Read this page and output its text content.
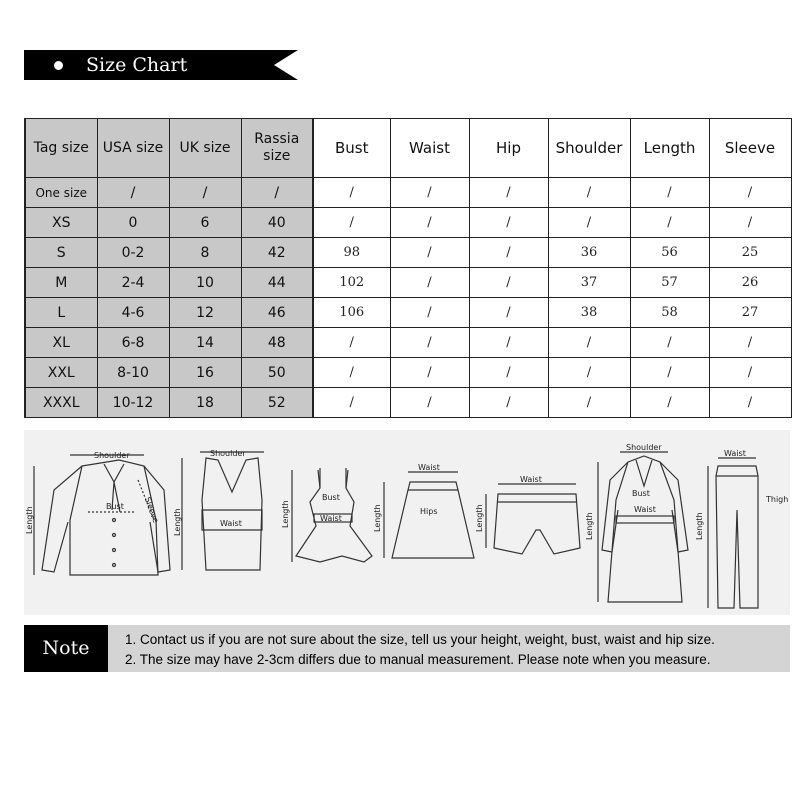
Size Chart
Tag size	USA size	UK size	Rassia size	Bust	Waist	Hip	Shoulder	Length	Sleeve
One size	/	/	/	/	/	/	/	/	/
XS	0	6	40	/	/	/	/	/	/
S	0-2	8	42	98	/	/	36	56	25
M	2-4	10	44	102	/	/	37	57	26
L	4-6	12	46	106	/	/	38	58	27
XL	6-8	14	48	/	/	/	/	/	/
XXL	8-10	16	50	/	/	/	/	/	/
XXXL	10-12	18	52	/	/	/	/	/	/
Shoulder
Bust
Length	Sleeve
Shoulder
Waist
Length
Bust
Waist
Length
Waist
Hips
Length
Waist
Length
Shoulder
Bust
Waist
Length
Waist
Thigh
Length
Note	1. Contact us if you are not sure about the size, tell us your height, weight, bust, waist and hip size.
2. The size may have 2-3cm differs due to manual measurement. Please note when you measure.
